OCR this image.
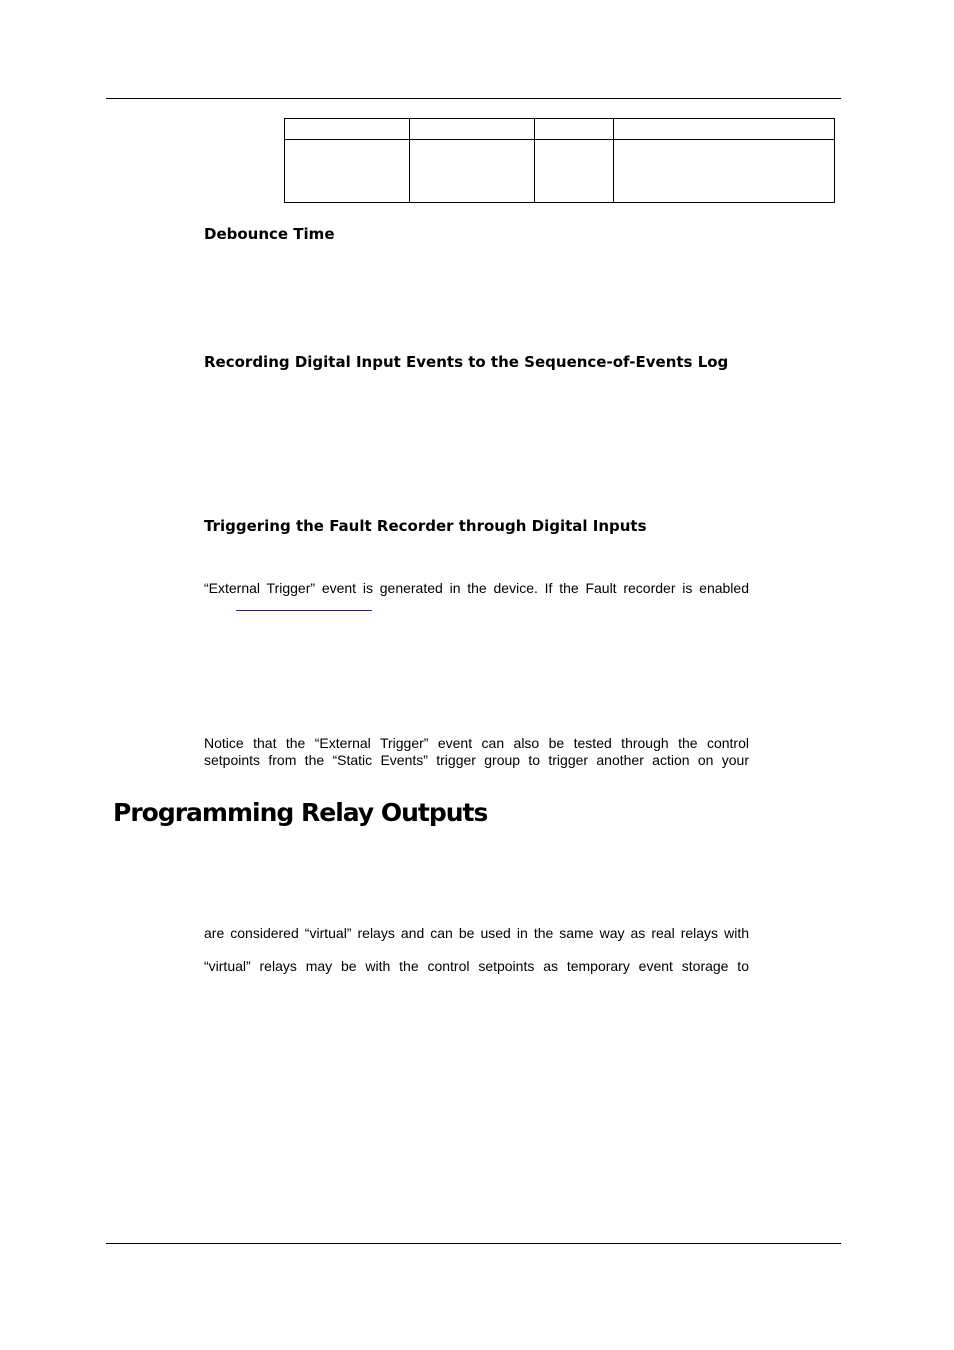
Debounce Time
Recording Digital Input Events to the Sequence-of-Events Log
Triggering the Fault Recorder through Digital Inputs
“External Trigger” event is generated in the device. If the Fault recorder is enabled
Notice that the “External Trigger” event can also be tested through the control
setpoints from the “Static Events” trigger group to trigger another action on your
Programming Relay Outputs
are considered “virtual” relays and can be used in the same way as real relays with
“virtual” relays may be with the control setpoints as temporary event storage to
